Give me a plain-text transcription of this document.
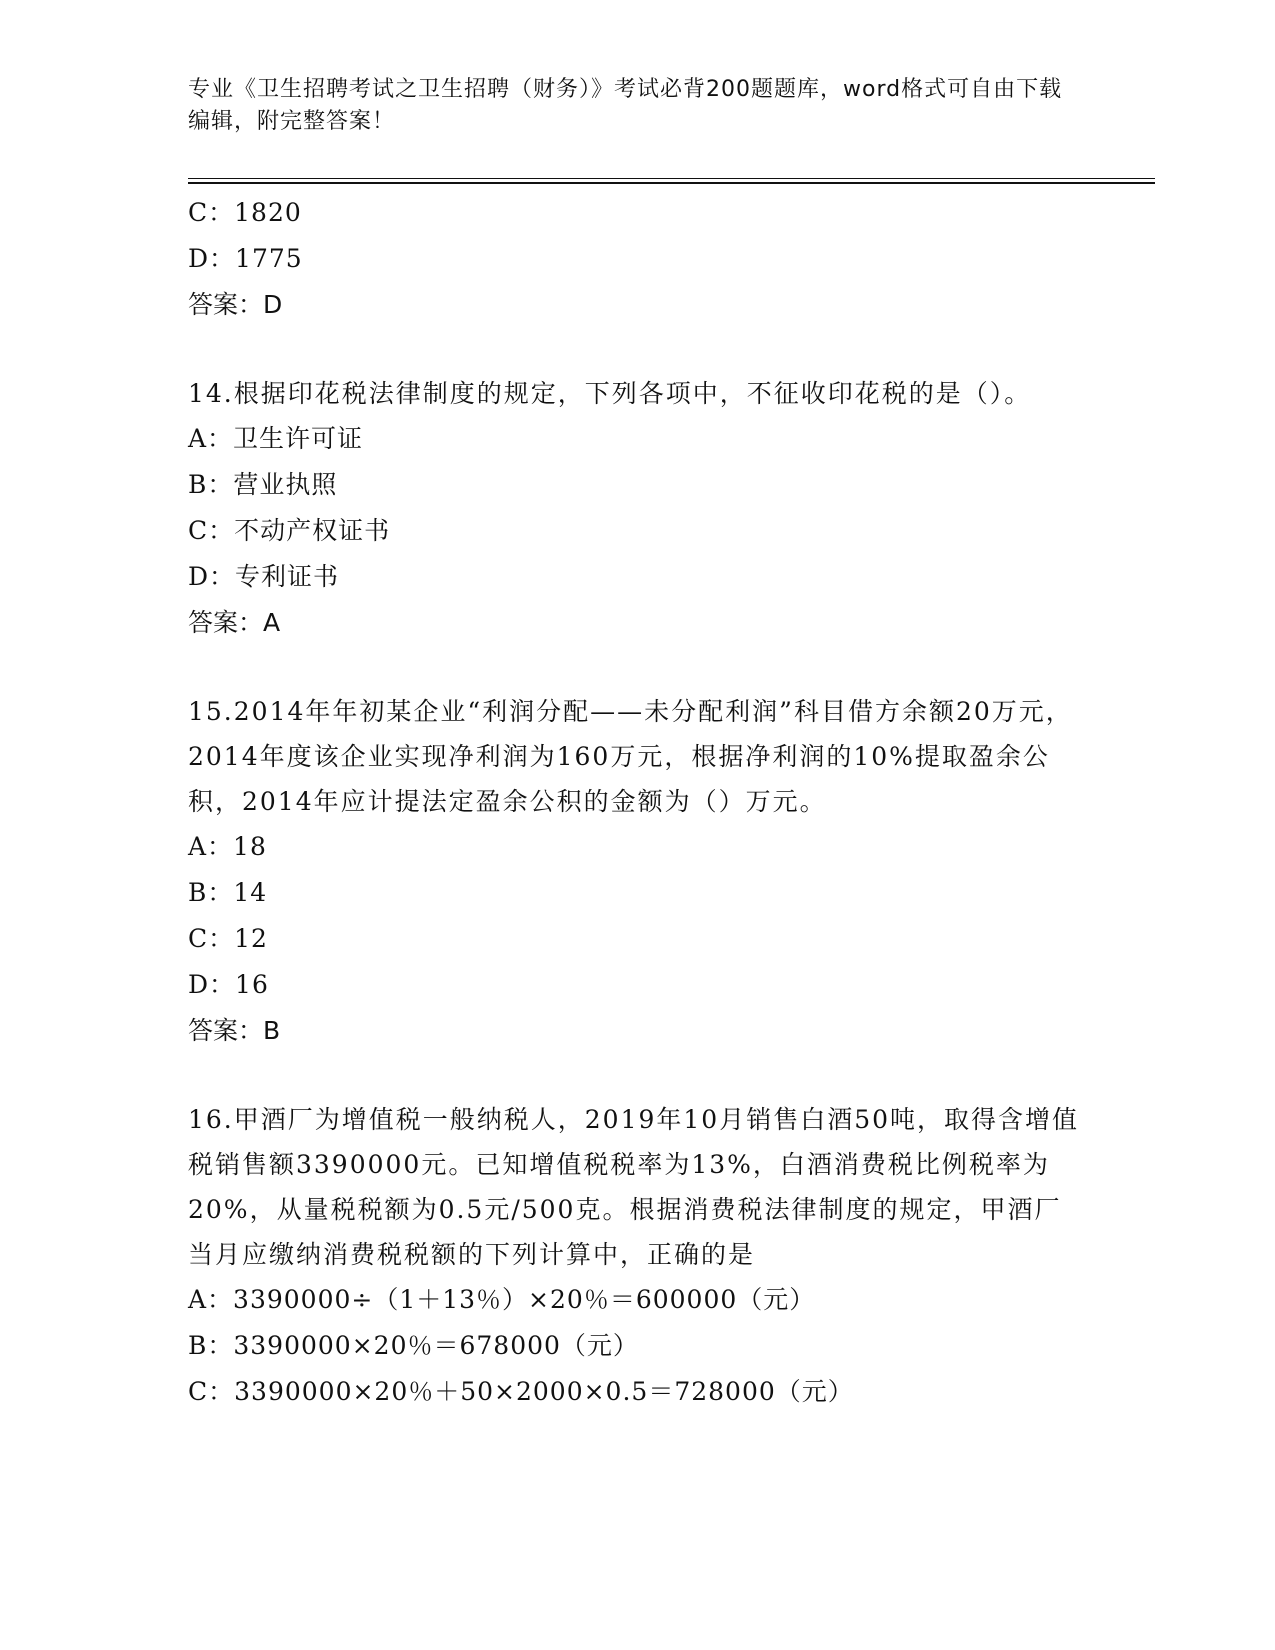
专业《卫生招聘考试之卫生招聘（财务）》考试必背200题题库，word格式可自由下载编辑，附完整答案！
C：1820
D：1775
答案：D
14.根据印花税法律制度的规定，下列各项中，不征收印花税的是（）。
A：卫生许可证
B：营业执照
C：不动产权证书
D：专利证书
答案：A
15.2014年年初某企业“利润分配——未分配利润”科目借方余额20万元，2014年度该企业实现净利润为160万元，根据净利润的10%提取盈余公积，2014年应计提法定盈余公积的金额为（）万元。
A：18
B：14
C：12
D：16
答案：B
16.甲酒厂为增值税一般纳税人，2019年10月销售白酒50吨，取得含增值税销售额3390000元。已知增值税税率为13%，白酒消费税比例税率为20%，从量税税额为0.5元/500克。根据消费税法律制度的规定，甲酒厂当月应缴纳消费税税额的下列计算中，正确的是
A：3390000÷（1＋13％）×20％＝600000（元）
B：3390000×20％＝678000（元）
C：3390000×20％＋50×2000×0.5＝728000（元）
